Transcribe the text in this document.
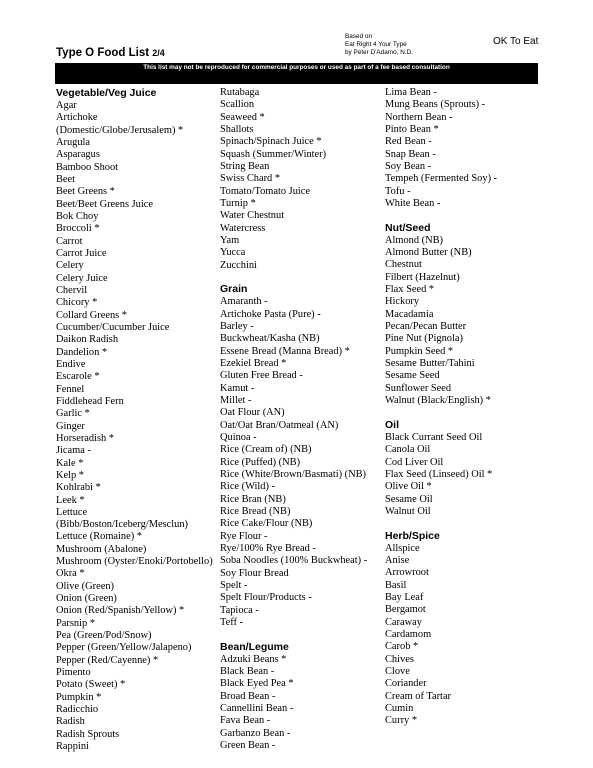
Type O Food List 2/4
Based on
Eat Right 4 Your Type
by Peter D'Adamo, N.D.
OK To Eat
This list may not be reproduced for commercial purposes or used as part of a fee based consultation
Vegetable/Veg Juice
Agar
Artichoke
(Domestic/Globe/Jerusalem) *
Arugula
Asparagus
Bamboo Shoot
Beet
Beet Greens *
Beet/Beet Greens Juice
Bok Choy
Broccoli *
Carrot
Carrot Juice
Celery
Celery Juice
Chervil
Chicory *
Collard Greens *
Cucumber/Cucumber Juice
Daikon Radish
Dandelion *
Endive
Escarole *
Fennel
Fiddlehead Fern
Garlic *
Ginger
Horseradish *
Jicama -
Kale *
Kelp *
Kohlrabi *
Leek *
Lettuce
(Bibb/Boston/Iceberg/Mesclun)
Lettuce (Romaine) *
Mushroom (Abalone)
Mushroom (Oyster/Enoki/Portobello)
Okra *
Olive (Green)
Onion (Green)
Onion (Red/Spanish/Yellow) *
Parsnip *
Pea (Green/Pod/Snow)
Pepper (Green/Yellow/Jalapeno)
Pepper (Red/Cayenne) *
Pimento
Potato (Sweet) *
Pumpkin *
Radicchio
Radish
Radish Sprouts
Rappini
Rutabaga
Scallion
Seaweed *
Shallots
Spinach/Spinach Juice *
Squash (Summer/Winter)
String Bean
Swiss Chard *
Tomato/Tomato Juice
Turnip *
Water Chestnut
Watercress
Yam
Yucca
Zucchini
Grain
Amaranth -
Artichoke Pasta (Pure) -
Barley -
Buckwheat/Kasha (NB)
Essene Bread (Manna Bread) *
Ezekiel Bread *
Gluten Free Bread -
Kamut -
Millet -
Oat Flour (AN)
Oat/Oat Bran/Oatmeal (AN)
Quinoa -
Rice (Cream of) (NB)
Rice (Puffed) (NB)
Rice (White/Brown/Basmati) (NB)
Rice (Wild) -
Rice Bran (NB)
Rice Bread (NB)
Rice Cake/Flour (NB)
Rye Flour -
Rye/100% Rye Bread -
Soba Noodles (100% Buckwheat) -
Soy Flour Bread
Spelt -
Spelt Flour/Products -
Tapioca -
Teff -
Bean/Legume
Adzuki Beans *
Black Bean -
Black Eyed Pea *
Broad Bean -
Cannellini Bean -
Fava Bean -
Garbanzo Bean -
Green Bean -
Lima Bean -
Mung Beans (Sprouts) -
Northern Bean -
Pinto Bean *
Red Bean -
Snap Bean -
Soy Bean -
Tempeh (Fermented Soy) -
Tofu -
White Bean -
Nut/Seed
Almond (NB)
Almond Butter (NB)
Chestnut
Filbert (Hazelnut)
Flax Seed *
Hickory
Macadamia
Pecan/Pecan Butter
Pine Nut (Pignola)
Pumpkin Seed *
Sesame Butter/Tahini
Sesame Seed
Sunflower Seed
Walnut (Black/English) *
Oil
Black Currant Seed Oil
Canola Oil
Cod Liver Oil
Flax Seed (Linseed) Oil *
Olive Oil *
Sesame Oil
Walnut Oil
Herb/Spice
Allspice
Anise
Arrowroot
Basil
Bay Leaf
Bergamot
Caraway
Cardamom
Carob *
Chives
Clove
Coriander
Cream of Tartar
Cumin
Curry *
